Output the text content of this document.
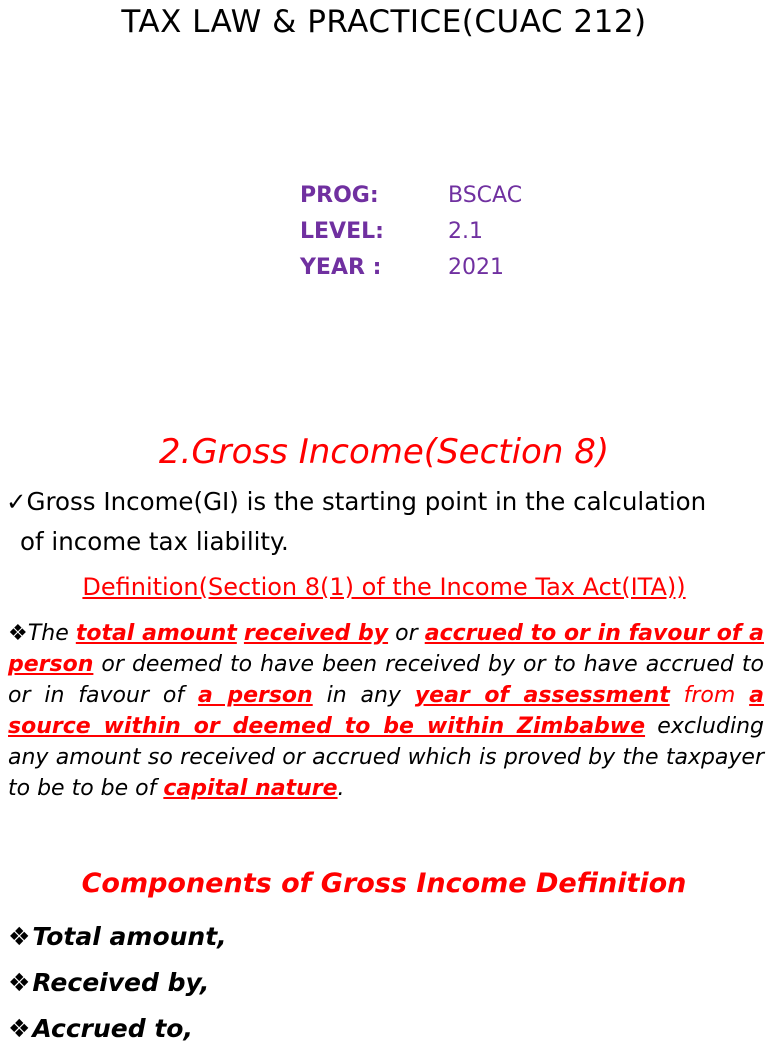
TAX LAW & PRACTICE(CUAC 212)
PROG:	BSCAC
LEVEL:	2.1
YEAR :	2021
2.Gross Income(Section 8)
✓Gross Income(GI) is the starting point in the calculation
of income tax liability.
Definition(Section 8(1) of the Income Tax Act(ITA))
❖The total amount received by or accrued to or in favour of a person or deemed to have been received by or to have accrued to or in favour of a person in any year of assessment from a source within or deemed to be within Zimbabwe excluding any amount so received or accrued which is proved by the taxpayer to be to be of capital nature.
Components of Gross Income Definition
❖Total amount,
❖Received by,
❖Accrued to,
